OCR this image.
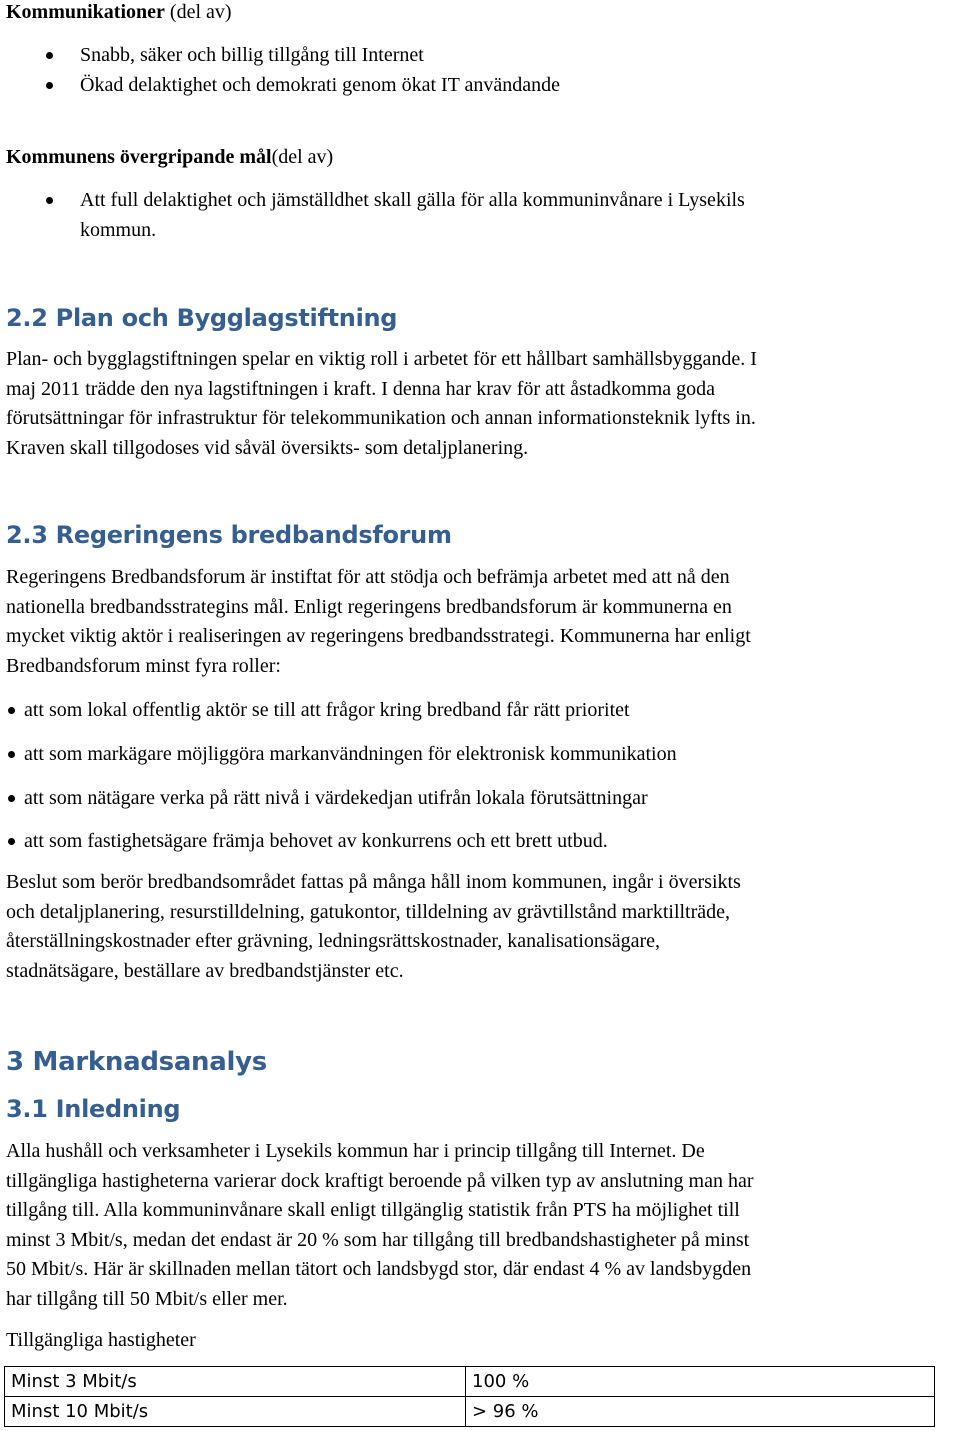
Kommunikationer (del av)
Snabb, säker och billig tillgång till Internet
Ökad delaktighet och demokrati genom ökat IT användande
Kommunens övergripande mål(del av)
Att full delaktighet och jämställdhet skall gälla för alla kommuninvånare i Lysekils
kommun.
2.2 Plan och Bygglagstiftning
Plan- och bygglagstiftningen spelar en viktig roll i arbetet för ett hållbart samhällsbyggande. I
maj 2011 trädde den nya lagstiftningen i kraft. I denna har krav för att åstadkomma goda
förutsättningar för infrastruktur för telekommunikation och annan informationsteknik lyfts in.
Kraven skall tillgodoses vid såväl översikts- som detaljplanering.
2.3 Regeringens bredbandsforum
Regeringens Bredbandsforum är instiftat för att stödja och befrämja arbetet med att nå den
nationella bredbandsstrategins mål. Enligt regeringens bredbandsforum är kommunerna en
mycket viktig aktör i realiseringen av regeringens bredbandsstrategi. Kommunerna har enligt
Bredbandsforum minst fyra roller:
att som lokal offentlig aktör se till att frågor kring bredband får rätt prioritet
att som markägare möjliggöra markanvändningen för elektronisk kommunikation
att som nätägare verka på rätt nivå i värdekedjan utifrån lokala förutsättningar
att som fastighetsägare främja behovet av konkurrens och ett brett utbud.
Beslut som berör bredbandsområdet fattas på många håll inom kommunen, ingår i översikts
och detaljplanering, resurstilldelning, gatukontor, tilldelning av grävtillstånd marktillträde,
återställningskostnader efter grävning, ledningsrättskostnader, kanalisationsägare,
stadnätsägare, beställare av bredbandstjänster etc.
3 Marknadsanalys
3.1 Inledning
Alla hushåll och verksamheter i Lysekils kommun har i princip tillgång till Internet. De
tillgängliga hastigheterna varierar dock kraftigt beroende på vilken typ av anslutning man har
tillgång till. Alla kommuninvånare skall enligt tillgänglig statistik från PTS ha möjlighet till
minst 3 Mbit/s, medan det endast är 20 % som har tillgång till bredbandshastigheter på minst
50 Mbit/s. Här är skillnaden mellan tätort och landsbygd stor, där endast 4 % av landsbygden
har tillgång till 50 Mbit/s eller mer.
Tillgängliga hastigheter
Minst 3 Mbit/s	100 %
Minst 10 Mbit/s	> 96 %
